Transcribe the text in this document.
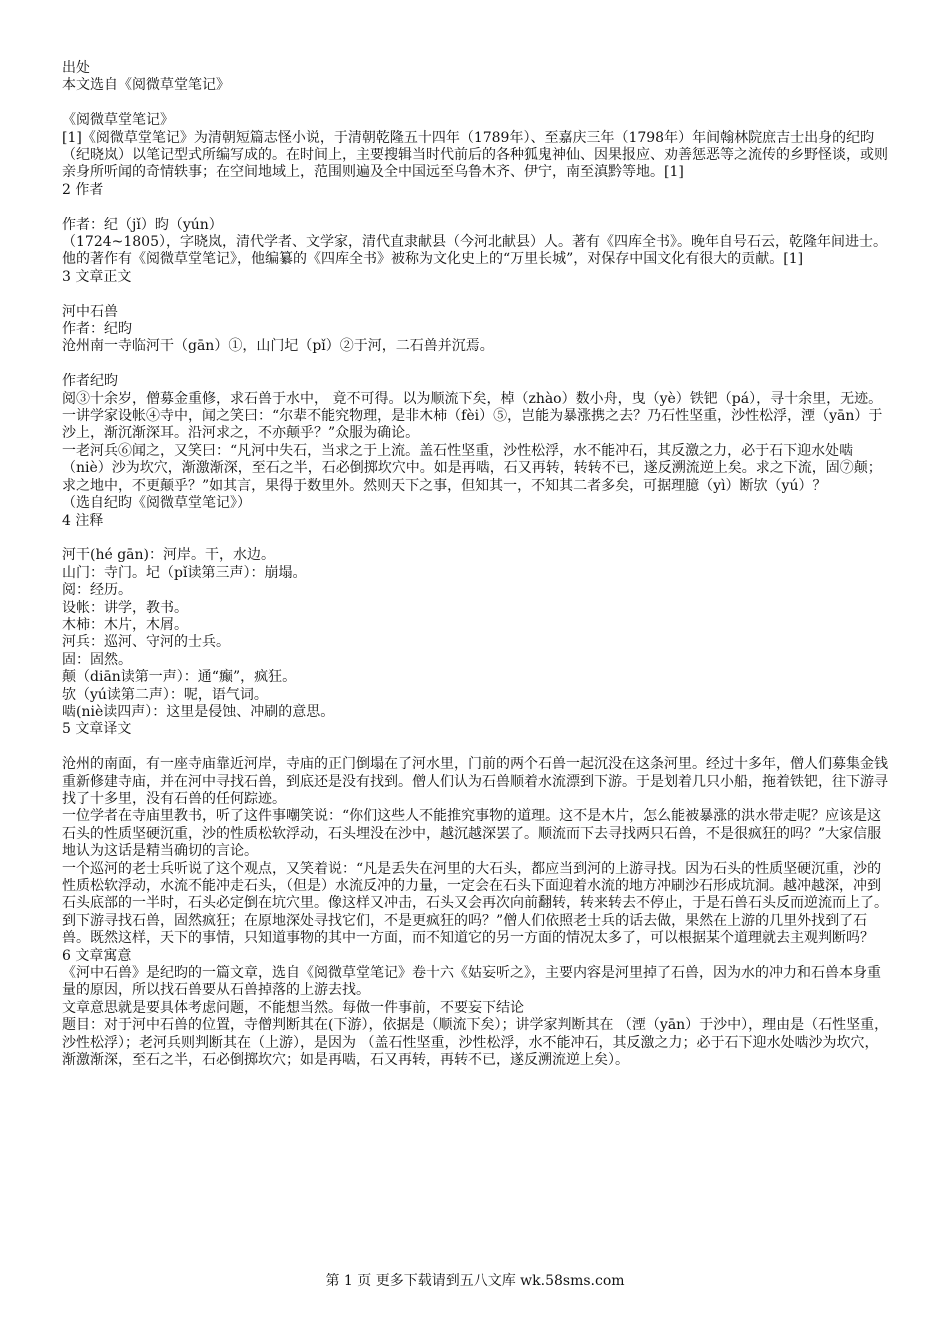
出处

本文选自《阅微草堂笔记》

《阅微草堂笔记》

[1]《阅微草堂笔记》为清朝短篇志怪小说，于清朝乾隆五十四年（1789年）、至嘉庆三年（1798年）年间翰林院庶吉士出身的纪昀（纪晓岚）以笔记型式所编写成的。在时间上，主要搜辑当时代前后的各种狐鬼神仙、因果报应、劝善惩恶等之流传的乡野怪谈，或则亲身所听闻的奇情轶事；在空间地域上，范围则遍及全中国远至乌鲁木齐、伊宁，南至滇黔等地。[1]

2 作者

作者：纪（jǐ）昀（yún）

（1724~1805），字晓岚，清代学者、文学家，清代直隶献县（今河北献县）人。著有《四库全书》。晚年自号石云，乾隆年间进士。他的著作有《阅微草堂笔记》，他编纂的《四库全书》被称为文化史上的“万里长城”，对保存中国文化有很大的贡献。[1]

3 文章正文

河中石兽

作者：纪昀

沧州南一寺临河干（gān）①，山门圮（pǐ）②于河，二石兽并沉焉。

作者纪昀

阅③十余岁，僧募金重修，求石兽于水中， 竟不可得。以为顺流下矣，棹（zhào）数小舟，曳（yè）铁钯（pá），寻十余里，无迹。

一讲学家设帐④寺中，闻之笑曰：“尔辈不能究物理，是非木柿（fèi）⑤，岂能为暴涨携之去？乃石性坚重，沙性松浮，湮（yān）于沙上，渐沉渐深耳。沿河求之，不亦颠乎？”众服为确论。

一老河兵⑥闻之，又笑曰：“凡河中失石，当求之于上流。盖石性坚重，沙性松浮，水不能冲石，其反激之力，必于石下迎水处啮（niè）沙为坎穴，渐激渐深，至石之半，石必倒掷坎穴中。如是再啮，石又再转，转转不已，遂反溯流逆上矣。求之下流，固⑦颠；求之地中，不更颠乎？”如其言，果得于数里外。然则天下之事，但知其一，不知其二者多矣，可据理臆（yì）断欤（yú）？

（选自纪昀《阅微草堂笔记》）

4 注释

河干(hé gān)：河岸。干，水边。

山门：寺门。圮（pǐ读第三声）：崩塌。

阅：经历。

设帐：讲学，教书。

木柿：木片，木屑。

河兵：巡河、守河的士兵。

固：固然。

颠（diān读第一声）：通“癫”，疯狂。

欤（yú读第二声）：呢，语气词。

啮(niè读四声）：这里是侵蚀、冲刷的意思。

5 文章译文

沧州的南面，有一座寺庙靠近河岸，寺庙的正门倒塌在了河水里，门前的两个石兽一起沉没在这条河里。经过十多年，僧人们募集金钱重新修建寺庙，并在河中寻找石兽，到底还是没有找到。僧人们认为石兽顺着水流漂到下游。于是划着几只小船，拖着铁钯，往下游寻找了十多里，没有石兽的任何踪迹。

一位学者在寺庙里教书，听了这件事嘲笑说：“你们这些人不能推究事物的道理。这不是木片，怎么能被暴涨的洪水带走呢？应该是这石头的性质坚硬沉重，沙的性质松软浮动，石头埋没在沙中，越沉越深罢了。顺流而下去寻找两只石兽，不是很疯狂的吗？”大家信服地认为这话是精当确切的言论。

一个巡河的老士兵听说了这个观点，又笑着说：“凡是丢失在河里的大石头，都应当到河的上游寻找。因为石头的性质坚硬沉重，沙的性质松软浮动，水流不能冲走石头，（但是）水流反冲的力量，一定会在石头下面迎着水流的地方冲刷沙石形成坑洞。越冲越深，冲到石头底部的一半时，石头必定倒在坑穴里。像这样又冲击，石头又会再次向前翻转，转来转去不停止，于是石兽石头反而逆流而上了。到下游寻找石兽，固然疯狂；在原地深处寻找它们，不是更疯狂的吗？”僧人们依照老士兵的话去做，果然在上游的几里外找到了石兽。既然这样，天下的事情，只知道事物的其中一方面，而不知道它的另一方面的情况太多了，可以根据某个道理就去主观判断吗？

6 文章寓意

《河中石兽》是纪昀的一篇文章，选自《阅微草堂笔记》卷十六《姑妄听之》，主要内容是河里掉了石兽，因为水的冲力和石兽本身重量的原因，所以找石兽要从石兽掉落的上游去找。

文章意思就是要具体考虑问题，不能想当然。每做一件事前，不要妄下结论

题目：对于河中石兽的位置，寺僧判断其在(下游），依据是（顺流下矣）；讲学家判断其在 （湮（yān）于沙中），理由是（石性坚重，沙性松浮）；老河兵则判断其在（上游），是因为 （盖石性坚重，沙性松浮，水不能冲石，其反激之力；必于石下迎水处啮沙为坎穴，渐激渐深，至石之半，石必倒掷坎穴；如是再啮，石又再转，再转不已，遂反溯流逆上矣）。

第 1 页 更多下载请到五八文库 wk.58sms.com
